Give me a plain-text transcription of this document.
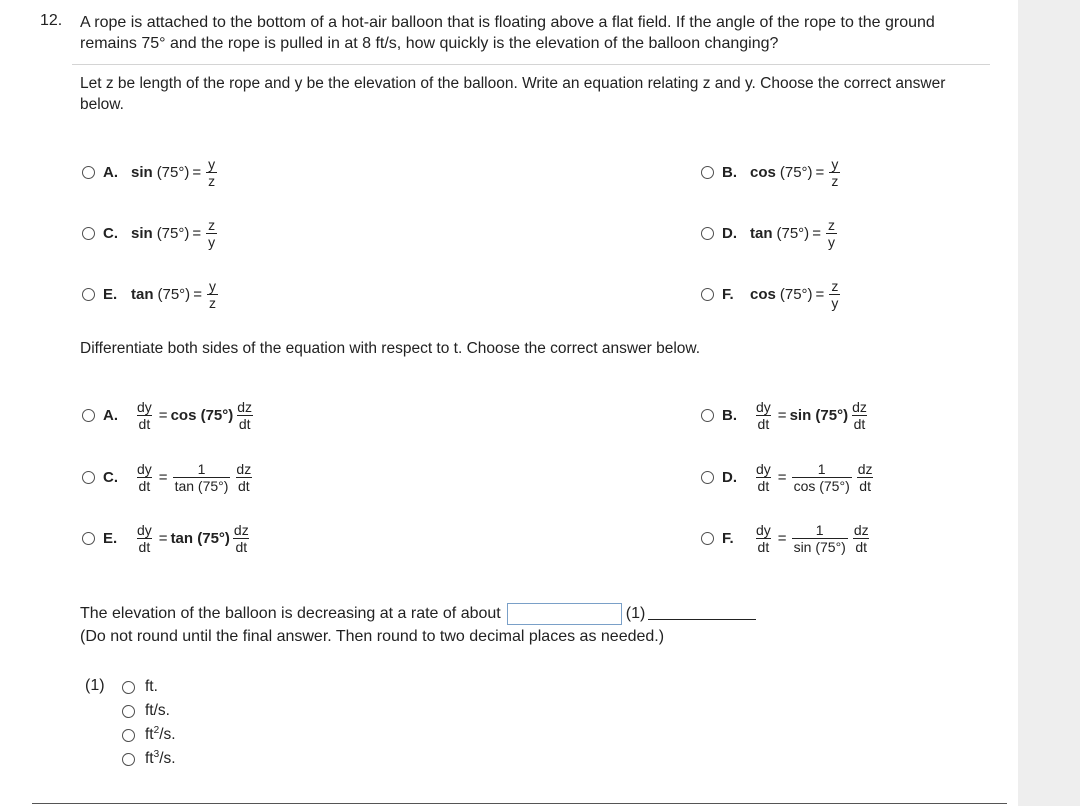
12. A rope is attached to the bottom of a hot-air balloon that is floating above a flat field. If the angle of the rope to the ground remains 75° and the rope is pulled in at 8 ft/s, how quickly is the elevation of the balloon changing?
Let z be length of the rope and y be the elevation of the balloon. Write an equation relating z and y. Choose the correct answer below.
A. $\sin (75^\circ) = \frac{y}{z}$	B. $\cos (75^\circ) = \frac{y}{z}$
C. $\sin (75^\circ) = \frac{z}{y}$	D. $\tan (75^\circ) = \frac{z}{y}$
E. $\tan (75^\circ) = \frac{y}{z}$	F.	$\cos (75^\circ) = \frac{z}{y}$
Differentiate both sides of the equation with respect to t. Choose the correct answer below.
A.	$\frac{dy}{dt} = \cos (75^\circ) \frac{dz}{dt}$	B.	$\frac{dy}{dt} = \sin (75^\circ) \frac{dz}{dt}$
C.	$\frac{dy}{dt} = \frac{1}{\tan (75^\circ)} \frac{dz}{dt}$	D.	$\frac{dy}{dt} = \frac{1}{\cos (75^\circ)} \frac{dz}{dt}$
E.	$\frac{dy}{dt} = \tan (75^\circ) \frac{dz}{dt}$	F.	$\frac{dy}{dt} = \frac{1}{\sin (75^\circ)} \frac{dz}{dt}$
The elevation of the balloon is decreasing at a rate of about	(1)
(Do not round until the final answer. Then round to two decimal places as needed.)
(1)	ft.
ft/s.
$ft^2/s$.
$ft^3/s$.
